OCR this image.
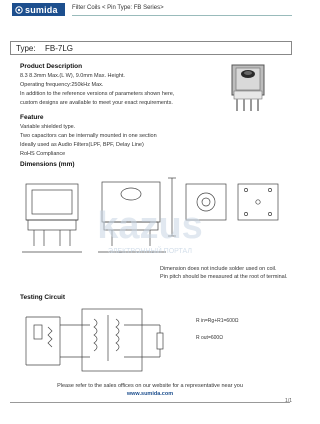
sumida Filter Coils < Pin Type: FB Series>
Type: FB-7LG
Product Description
8.3 8.3mm Max.(L W), 9.0mm Max. Height.
Operating frequency:250kHz Max.
In addition to the reference versions of parameters shown here,
custom designs are available to meet your exact requirements.
Feature
Variable shielded type.
Two capacitors can be internally mounted in one section
Ideally used as Audio Filters(LPF, BPF, Delay Line)
RoHS Compliance
Dimensions (mm)
kazus
ЭЛЕКТРОННЫЙ ПОРТАЛ
Dimension does not include solder used on coil.
Pin pitch should be measured at the root of terminal.
Testing Circuit
R in=Rg+R1=600Ω
R out=600Ω
Please refer to the sales offices on our website for a representative near you
www.sumida.com
1/1
